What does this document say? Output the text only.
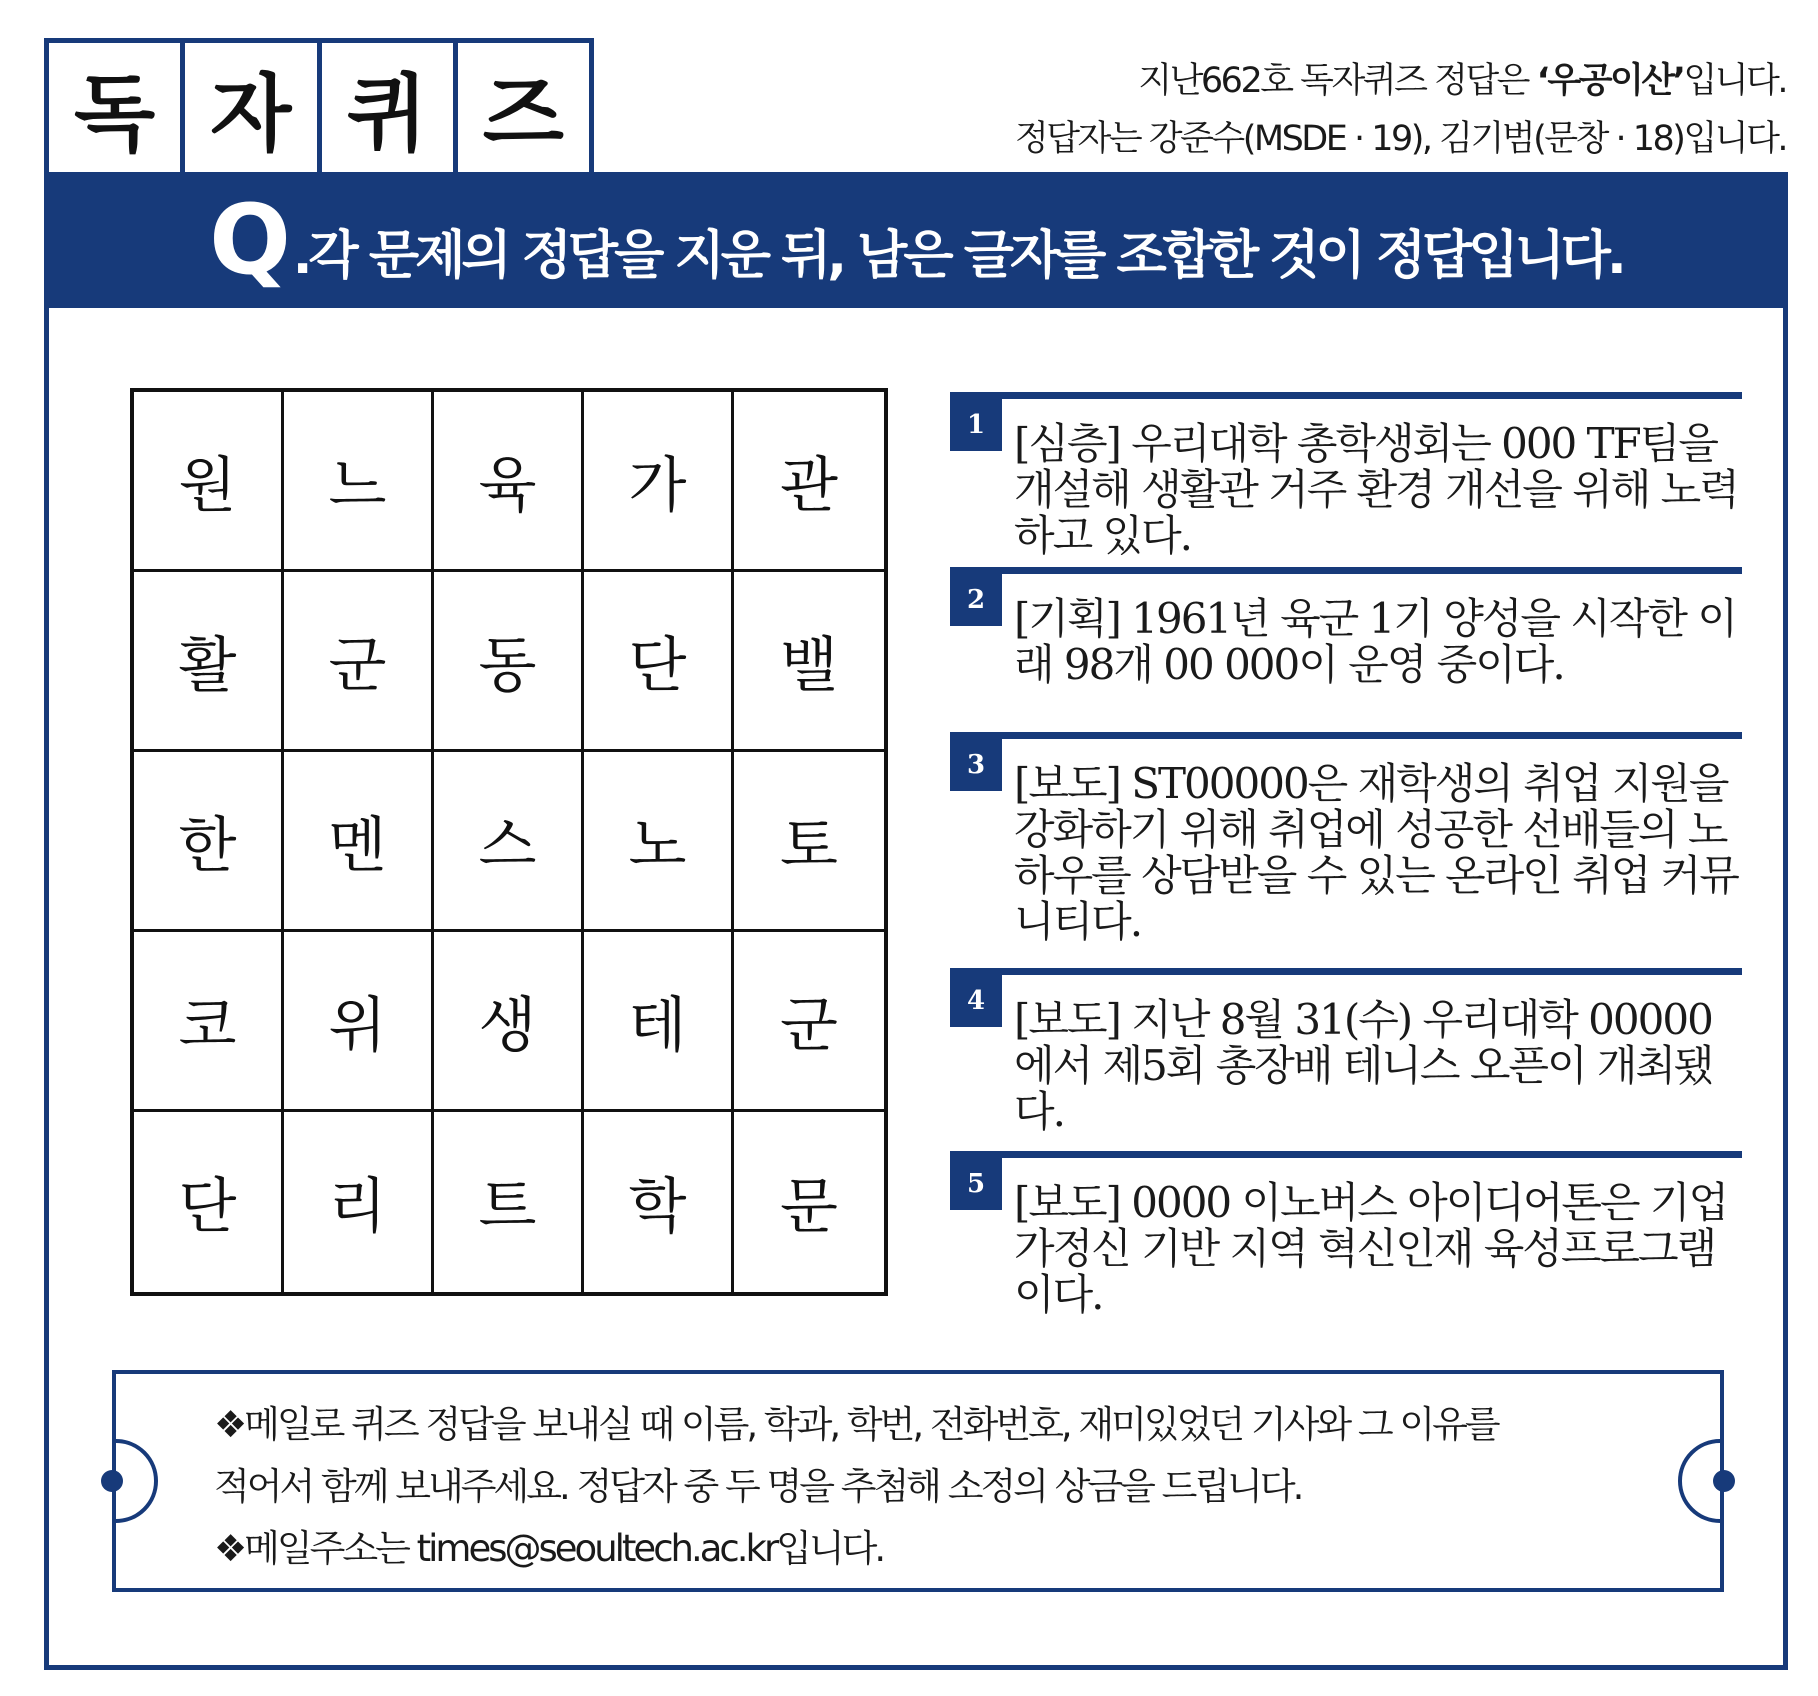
독 자 퀴 즈	지난662호 독자퀴즈 정답은 ‘우공이산’입니다.
정답자는 강준수(MSDE · 19), 김기범(문창 · 18)입니다.
Q .각 문제의 정답을 지운 뒤, 남은 글자를 조합한 것이 정답입니다.
원	느	육	가	관
활	군	동	단	밸
한	멘	스	노	토
코	위	생	테	군
단	리	트	학	문
1 [심층] 우리대학 총학생회는 000 TF팀을 개설해 생활관 거주 환경 개선을 위해 노력하고 있다.
2 [기획] 1961년 육군 1기 양성을 시작한 이래 98개 00 000이 운영 중이다.
3 [보도] ST00000은 재학생의 취업 지원을 강화하기 위해 취업에 성공한 선배들의 노하우를 상담받을 수 있는 온라인 취업 커뮤니티다.
4 [보도] 지난 8월 31(수) 우리대학 00000에서 제5회 총장배 테니스 오픈이 개최됐다.
5 [보도] 0000 이노버스 아이디어톤은 기업가정신 기반 지역 혁신인재 육성프로그램이다.
❖메일로 퀴즈 정답을 보내실 때 이름, 학과, 학번, 전화번호, 재미있었던 기사와 그 이유를
적어서 함께 보내주세요. 정답자 중 두 명을 추첨해 소정의 상금을 드립니다.
❖메일주소는 times@seoultech.ac.kr입니다.
